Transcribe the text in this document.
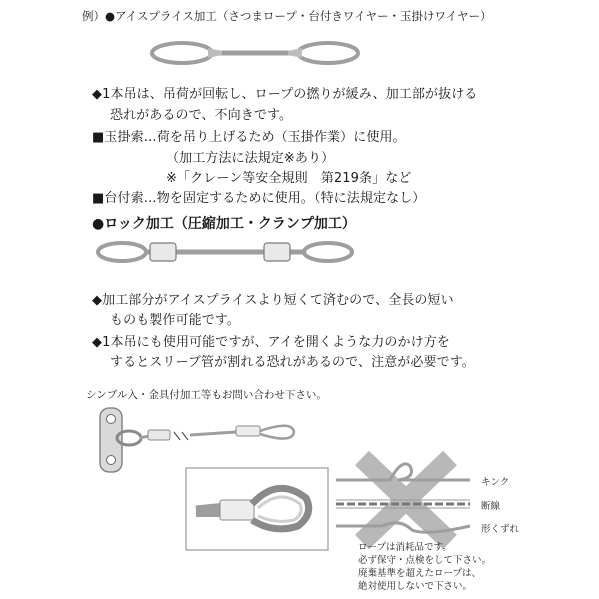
例）●アイスプライス加工（さつまロープ・台付きワイヤー・玉掛けワイヤー）
◆1本吊は、吊荷が回転し、ロープの撚りが緩み、加工部が抜ける
恐れがあるので、不向きです。
■玉掛索…荷を吊り上げるため（玉掛作業）に使用。
（加工方法に法規定※あり）
※「クレーン等安全規則　第219条」など
■台付索…物を固定するために使用。（特に法規定なし）
●ロック加工（圧縮加工・クランプ加工）
◆加工部分がアイスプライスより短くて済むので、全長の短い
ものも製作可能です。
◆1本吊にも使用可能ですが、アイを開くような力のかけ方を
するとスリーブ管が割れる恐れがあるので、注意が必要です。
シンブル入・金具付加工等もお問い合わせ下さい。
キンク
断線
形くずれ
ロープは消耗品です。
必ず保守・点検をして下さい。
廃棄基準を超えたロープは、
絶対使用しないで下さい。
